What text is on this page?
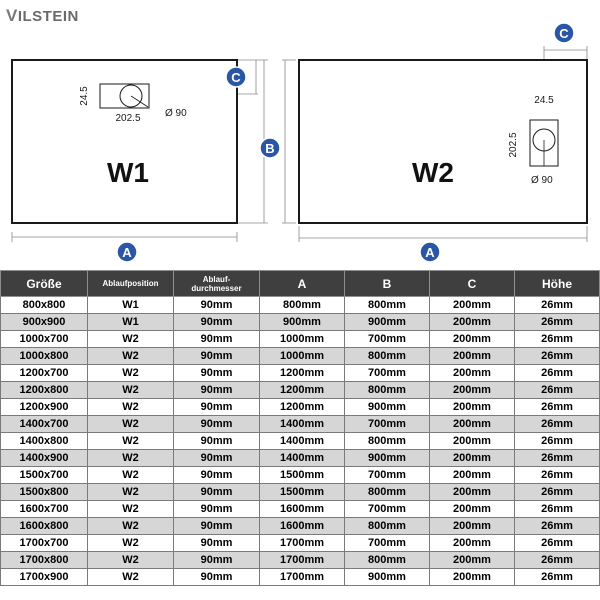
VILSTEIN
24.5
202.5 Ø 90
W1
24.5
202.5
Ø 90
W2
C
B
A
C
A
Größe	Ablaufposition	Ablauf-
durchmesser	A	B	C	Höhe
800x800	W1	90mm	800mm	800mm	200mm	26mm
900x900	W1	90mm	900mm	900mm	200mm	26mm
1000x700	W2	90mm	1000mm	700mm	200mm	26mm
1000x800	W2	90mm	1000mm	800mm	200mm	26mm
1200x700	W2	90mm	1200mm	700mm	200mm	26mm
1200x800	W2	90mm	1200mm	800mm	200mm	26mm
1200x900	W2	90mm	1200mm	900mm	200mm	26mm
1400x700	W2	90mm	1400mm	700mm	200mm	26mm
1400x800	W2	90mm	1400mm	800mm	200mm	26mm
1400x900	W2	90mm	1400mm	900mm	200mm	26mm
1500x700	W2	90mm	1500mm	700mm	200mm	26mm
1500x800	W2	90mm	1500mm	800mm	200mm	26mm
1600x700	W2	90mm	1600mm	700mm	200mm	26mm
1600x800	W2	90mm	1600mm	800mm	200mm	26mm
1700x700	W2	90mm	1700mm	700mm	200mm	26mm
1700x800	W2	90mm	1700mm	800mm	200mm	26mm
1700x900	W2	90mm	1700mm	900mm	200mm	26mm
